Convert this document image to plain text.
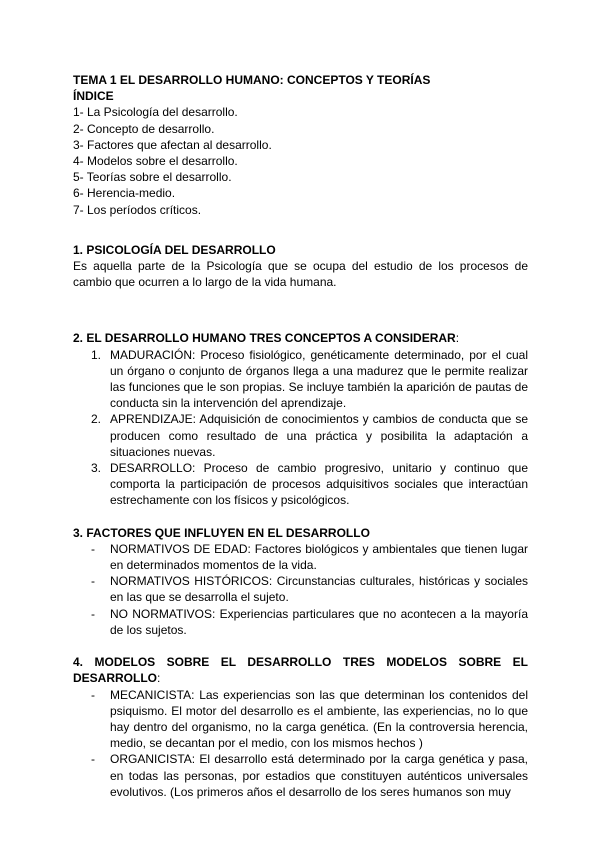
TEMA 1 EL DESARROLLO HUMANO: CONCEPTOS Y TEORÍAS

ÍNDICE

1- La Psicología del desarrollo.

2- Concepto de desarrollo.

3- Factores que afectan al desarrollo.

4- Modelos sobre el desarrollo.

5- Teorías sobre el desarrollo.

6- Herencia-medio.

7- Los períodos críticos.

1. PSICOLOGÍA DEL DESARROLLO

Es aquella parte de la Psicología que se ocupa del estudio de los procesos de cambio que ocurren a lo largo de la vida humana.

2. EL DESARROLLO HUMANO TRES CONCEPTOS A CONSIDERAR:

1. MADURACIÓN: Proceso fisiológico, genéticamente determinado, por el cual un órgano o conjunto de órganos llega a una madurez que le permite realizar las funciones que le son propias. Se incluye también la aparición de pautas de conducta sin la intervención del aprendizaje.
2. APRENDIZAJE: Adquisición de conocimientos y cambios de conducta que se producen como resultado de una práctica y posibilita la adaptación a situaciones nuevas.
3. DESARROLLO: Proceso de cambio progresivo, unitario y continuo que comporta la participación de procesos adquisitivos sociales que interactúan estrechamente con los físicos y psicológicos.

3. FACTORES QUE INFLUYEN EN EL DESARROLLO

- NORMATIVOS DE EDAD: Factores biológicos y ambientales que tienen lugar en determinados momentos de la vida.
- NORMATIVOS HISTÓRICOS: Circunstancias culturales, históricas y sociales en las que se desarrolla el sujeto.
- NO NORMATIVOS: Experiencias particulares que no acontecen a la mayoría de los sujetos.

4. MODELOS SOBRE EL DESARROLLO TRES MODELOS SOBRE EL DESARROLLO:

- MECANICISTA: Las experiencias son las que determinan los contenidos del psiquismo. El motor del desarrollo es el ambiente, las experiencias, no lo que hay dentro del organismo, no la carga genética. (En la controversia herencia, medio, se decantan por el medio, con los mismos hechos )
- ORGANICISTA: El desarrollo está determinado por la carga genética y pasa, en todas las personas, por estadios que constituyen auténticos universales evolutivos. (Los primeros años el desarrollo de los seres humanos son muy
